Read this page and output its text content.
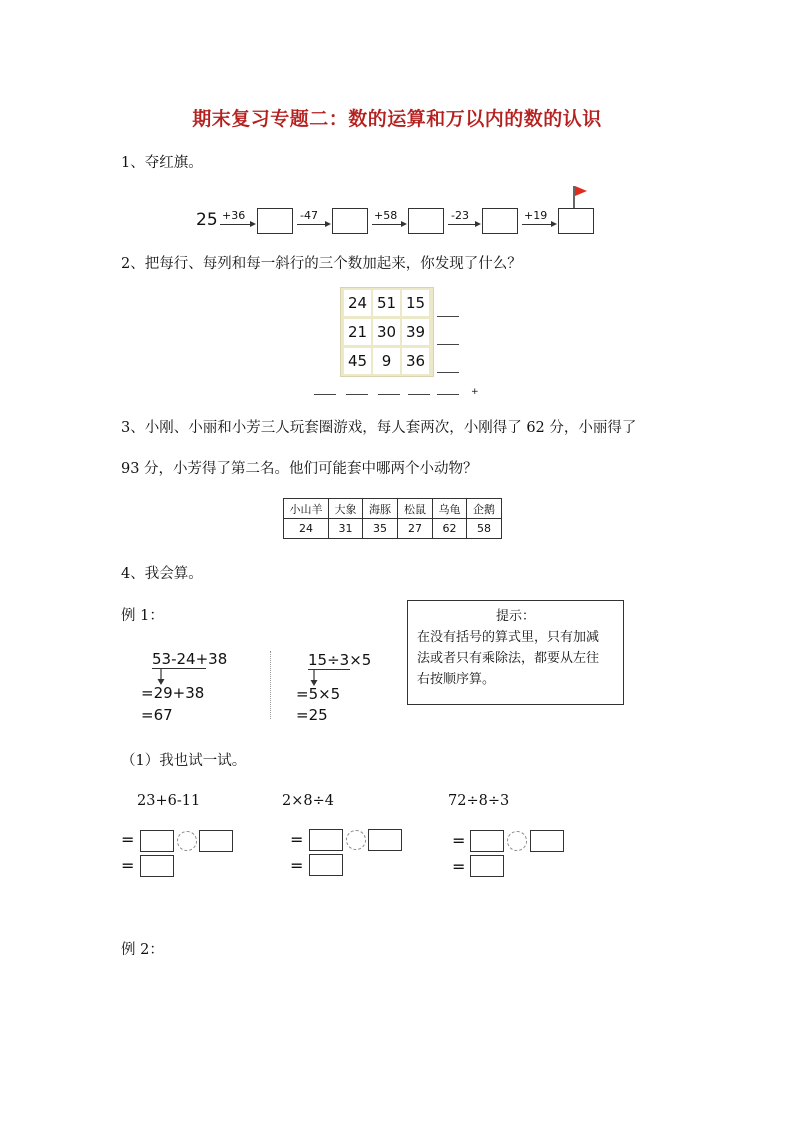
期末复习专题二：数的运算和万以内的数的认识
1、夺红旗。
25 +36	-47	+58	-23	+19
2、把每行、每列和每一斜行的三个数加起来，你发现了什么？
24 51 15
21 30 39
45 9 36
+
3、小刚、小丽和小芳三人玩套圈游戏，每人套两次，小刚得了 62 分，小丽得了
93 分，小芳得了第二名。他们可能套中哪两个小动物？
小山羊	大象	海豚	松鼠	乌龟	企鹅
24	31	35	27	62	58
4、我会算。
例 1：
53-24+38
=29+38
=67
15÷3×5
=5×5
=25
提示：
在没有括号的算式里，只有加减
法或者只有乘除法，都要从左往
右按顺序算。
（1）我也试一试。
23+6-11	2×8÷4	72÷8÷3
=
=
=
=
=
=
例 2：
